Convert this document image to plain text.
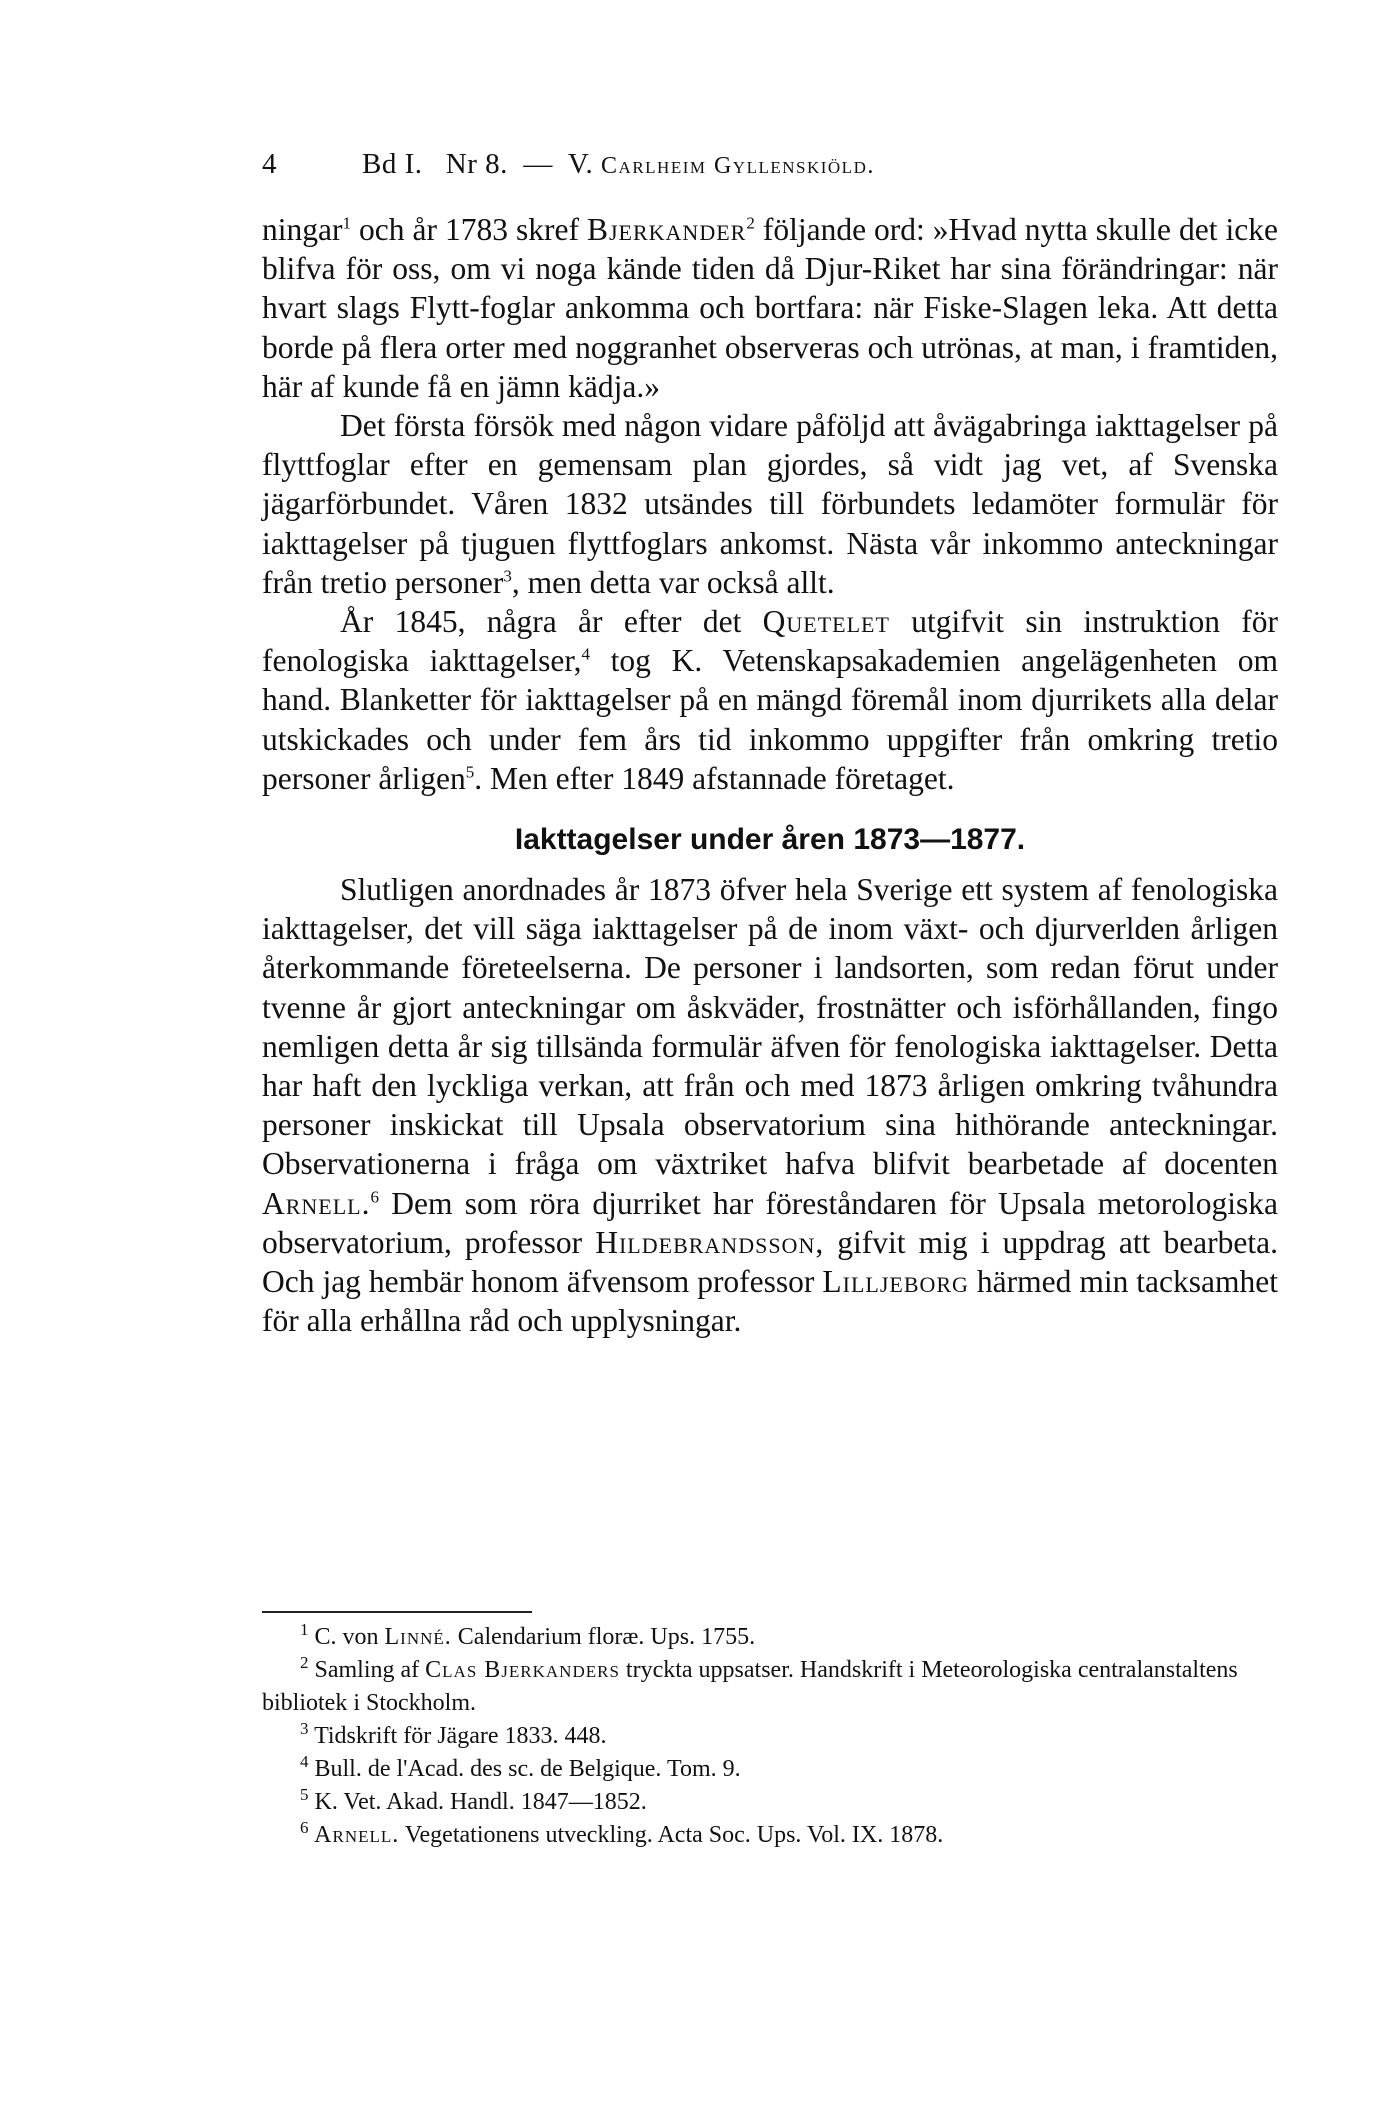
4	Bd I.   Nr 8.  —  V. Carlheim Gyllenskiöld.

ningar$^1$ och år 1783 skref Bjerkander$^2$ följande ord: »Hvad nytta skulle det icke blifva för oss, om vi noga kände tiden då Djur-Riket har sina förändringar: när hvart slags Flytt-foglar ankomma och bortfara: när Fiske-Slagen leka. Att detta borde på flera orter med noggranhet observeras och utrönas, at man, i framtiden, här af kunde få en jämn kädja.»

Det första försök med någon vidare påföljd att åvägabringa iakttagelser på flyttfoglar efter en gemensam plan gjordes, så vidt jag vet, af Svenska jägarförbundet. Våren 1832 utsändes till förbundets ledamöter formulär för iakttagelser på tjuguen flyttfoglars ankomst. Nästa vår inkommo anteckningar från tretio personer$^3$, men detta var också allt.

År 1845, några år efter det Quetelet utgifvit sin instruktion för fenologiska iakttagelser,$^4$ tog K. Vetenskapsakademien angelägenheten om hand. Blanketter för iakttagelser på en mängd föremål inom djurrikets alla delar utskickades och under fem års tid inkommo uppgifter från omkring tretio personer årligen$^5$. Men efter 1849 afstannade företaget.

Iakttagelser under åren 1873—1877.

Slutligen anordnades år 1873 öfver hela Sverige ett system af fenologiska iakttagelser, det vill säga iakttagelser på de inom växt- och djurverlden årligen återkommande företeelserna. De personer i landsorten, som redan förut under tvenne år gjort anteckningar om åskväder, frostnätter och isförhållanden, fingo nemligen detta år sig tillsända formulär äfven för fenologiska iakttagelser. Detta har haft den lyckliga verkan, att från och med 1873 årligen omkring tvåhundra personer inskickat till Upsala observatorium sina hithörande anteckningar. Observationerna i fråga om växtriket hafva blifvit bearbetade af docenten Arnell.$^6$ Dem som röra djurriket har föreståndaren för Upsala metorologiska observatorium, professor Hildebrandsson, gifvit mig i uppdrag att bearbeta. Och jag hembär honom äfvensom professor Lilljeborg härmed min tacksamhet för alla erhållna råd och upplysningar.

$^1$ C. von Linné. Calendarium floræ. Ups. 1755.

$^2$ Samling af Clas Bjerkanders tryckta uppsatser. Handskrift i Meteorologiska centralanstaltens bibliotek i Stockholm.

$^3$ Tidskrift för Jägare 1833. 448.

$^4$ Bull. de l'Acad. des sc. de Belgique. Tom. 9.

$^5$ K. Vet. Akad. Handl. 1847—1852.

$^6$ Arnell. Vegetationens utveckling. Acta Soc. Ups. Vol. IX. 1878.
